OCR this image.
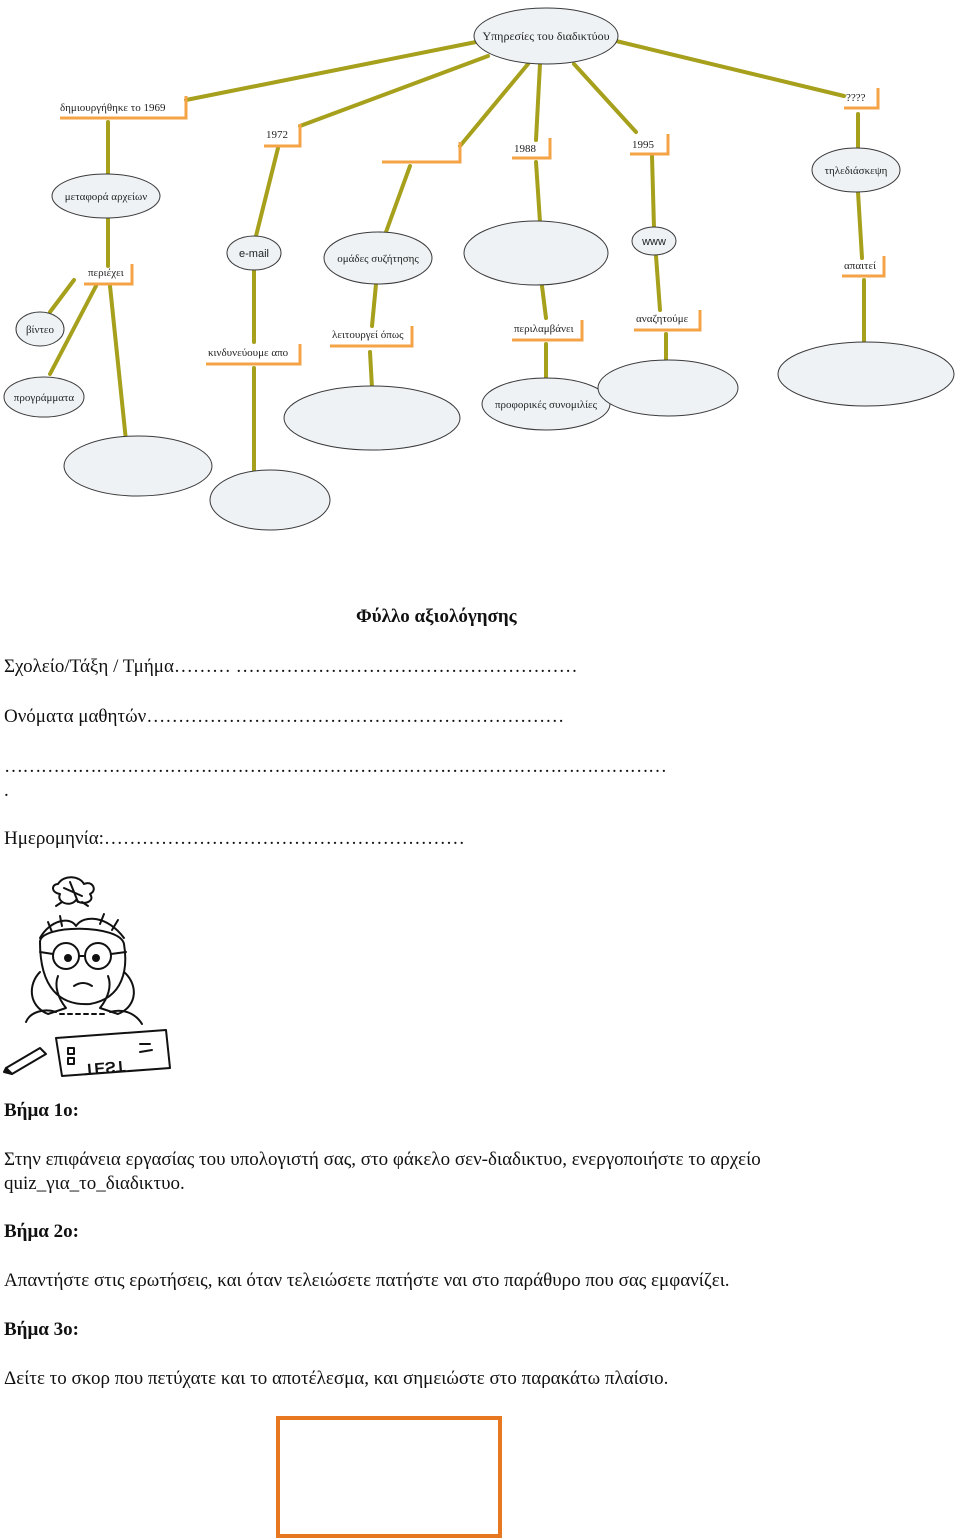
δημιουργήθηκε το 1969
1972
1988	1995
????
περιέχει
κινδυνεύουμε απο
λειτουργεί όπως	περιλαμβάνει
αναζητούμε
απαιτεί
Υπηρεσίες του διαδικτύου
μεταφορά αρχείων
e-mail	ομάδες συζήτησης
www
τηλεδιάσκεψη
βίντεο
προγράμματα
προφορικές συνομιλίες
Φύλλο αξιολόγησης
Σχολείο/Τάξη / Τμήμα……… ………………………………………………
Ονόματα μαθητών…………………………………………………………
………………………………………………………………………………………………
.
Ημερομηνία:…………………………………………………
TEST
Βήμα 1ο:
Στην επιφάνεια εργασίας του υπολογιστή σας, στο φάκελο σεν-διαδικτυο, ενεργοποιήστε το αρχείο
quiz_για_το_διαδικτυο.
Βήμα 2ο:
Απαντήστε στις ερωτήσεις, και όταν τελειώσετε πατήστε ναι στο παράθυρο που σας εμφανίζει.
Βήμα 3ο:
Δείτε το σκορ που πετύχατε και το αποτέλεσμα, και σημειώστε στο παρακάτω πλαίσιο.
